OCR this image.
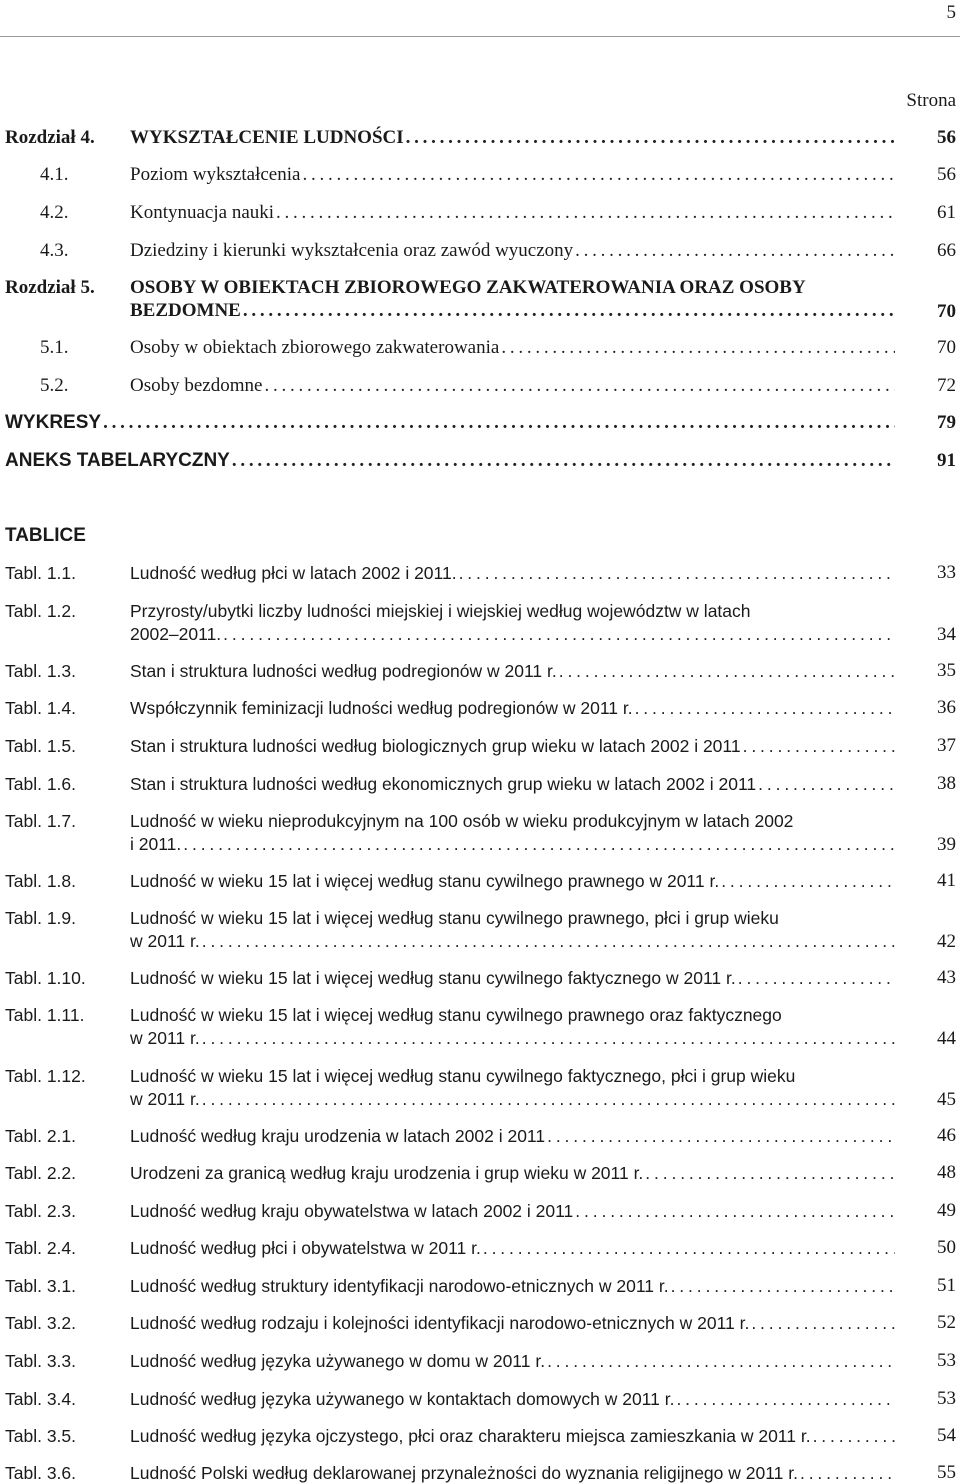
5
Strona
Rozdział 4. WYKSZTAŁCENIE LUDNOŚCI . . .	56
4.1.	Poziom wykształcenia . . .	56
4.2.	Kontynuacja nauki . . .	61
4.3.	Dziedziny i kierunki wykształcenia oraz zawód wyuczony . . .	66
Rozdział 5. OSOBY W OBIEKTACH ZBIOROWEGO ZAKWATEROWANIA ORAZ OSOBY
BEZDOMNE . . .	70
5.1.	Osoby w obiektach zbiorowego zakwaterowania . . .	70
5.2.	Osoby bezdomne . . .	72
WYKRESY . . .	79
ANEKS TABELARYCZNY . . .	91
Tabl. 1.1.	Ludność według płci w latach 2002 i 2011. . . .	33
Tabl. 1.2.	Przyrosty/ubytki liczby ludności miejskiej i wiejskiej według województw w latach
2002–2011. . . .	34
Tabl. 1.3.	Stan i struktura ludności według podregionów w 2011 r. . . .	35
Tabl. 1.4.	Współczynnik feminizacji ludności według podregionów w 2011 r. . . .	36
Tabl. 1.5.	Stan i struktura ludności według biologicznych grup wieku w latach 2002 i 2011 . . .	37
Tabl. 1.6.	Stan i struktura ludności według ekonomicznych grup wieku w latach 2002 i 2011 . . .	38
Tabl. 1.7.	Ludność w wieku nieprodukcyjnym na 100 osób w wieku produkcyjnym w latach 2002
i 2011. . . .	39
Tabl. 1.8.	Ludność w wieku 15 lat i więcej według stanu cywilnego prawnego w 2011 r. . . .	41
Tabl. 1.9.	Ludność w wieku 15 lat i więcej według stanu cywilnego prawnego, płci i grup wieku
w 2011 r. . . .	42
Tabl. 1.10.	Ludność w wieku 15 lat i więcej według stanu cywilnego faktycznego w 2011 r. . . .	43
Tabl. 1.11.	Ludność w wieku 15 lat i więcej według stanu cywilnego prawnego oraz faktycznego
w 2011 r. . . .	44
Tabl. 1.12.	Ludność w wieku 15 lat i więcej według stanu cywilnego faktycznego, płci i grup wieku
w 2011 r. . . .	45
Tabl. 2.1.	Ludność według kraju urodzenia w latach 2002 i 2011 . . .	46
Tabl. 2.2.	Urodzeni za granicą według kraju urodzenia i grup wieku w 2011 r. . . .	48
Tabl. 2.3.	Ludność według kraju obywatelstwa w latach 2002 i 2011 . . .	49
Tabl. 2.4.	Ludność według płci i obywatelstwa w 2011 r. . . .	50
Tabl. 3.1.	Ludność według struktury identyfikacji narodowo-etnicznych w 2011 r. . . .	51
Tabl. 3.2.	Ludność według rodzaju i kolejności identyfikacji narodowo-etnicznych w 2011 r. . . .	52
Tabl. 3.3.	Ludność według języka używanego w domu w 2011 r. . . .	53
Tabl. 3.4.	Ludność według języka używanego w kontaktach domowych w 2011 r. . . .	53
Tabl. 3.5.	Ludność według języka ojczystego, płci oraz charakteru miejsca zamieszkania w 2011 r. . . .	54
Tabl. 3.6.	Ludność Polski według deklarowanej przynależności do wyznania religijnego w 2011 r. . . .	55
TABLICE
